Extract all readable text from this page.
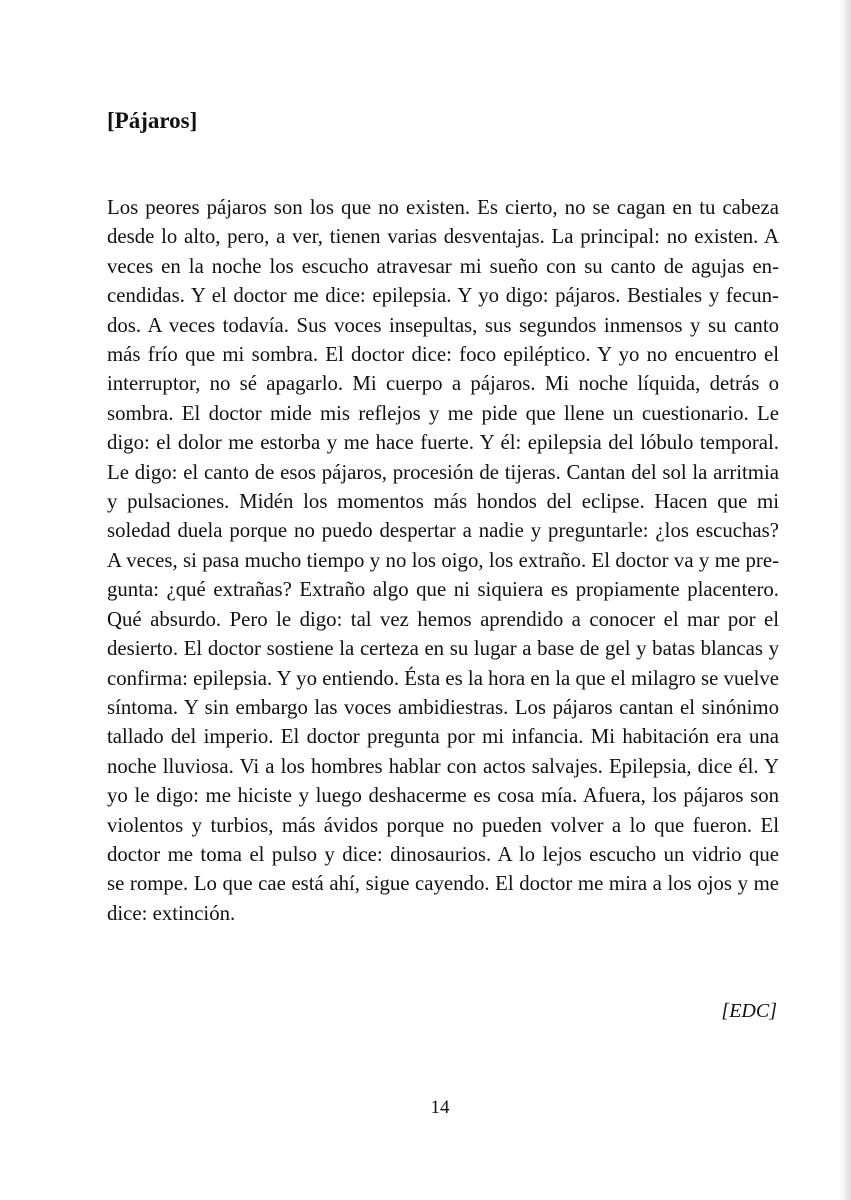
[Pájaros]
Los peores pájaros son los que no existen. Es cierto, no se cagan en tu cabeza
desde lo alto, pero, a ver, tienen varias desventajas. La principal: no existen. A
veces en la noche los escucho atravesar mi sueño con su canto de agujas en-
cendidas. Y el doctor me dice: epilepsia. Y yo digo: pájaros. Bestiales y fecun-
dos. A veces todavía. Sus voces insepultas, sus segundos inmensos y su canto
más frío que mi sombra. El doctor dice: foco epiléptico. Y yo no encuentro el
interruptor, no sé apagarlo. Mi cuerpo a pájaros. Mi noche líquida, detrás o
sombra. El doctor mide mis reflejos y me pide que llene un cuestionario. Le
digo: el dolor me estorba y me hace fuerte. Y él: epilepsia del lóbulo temporal.
Le digo: el canto de esos pájaros, procesión de tijeras. Cantan del sol la arritmia
y pulsaciones. Midén los momentos más hondos del eclipse. Hacen que mi
soledad duela porque no puedo despertar a nadie y preguntarle: ¿los escuchas?
A veces, si pasa mucho tiempo y no los oigo, los extraño. El doctor va y me pre-
gunta: ¿qué extrañas? Extraño algo que ni siquiera es propiamente placentero.
Qué absurdo. Pero le digo: tal vez hemos aprendido a conocer el mar por el
desierto. El doctor sostiene la certeza en su lugar a base de gel y batas blancas y
confirma: epilepsia. Y yo entiendo. Ésta es la hora en la que el milagro se vuelve
síntoma. Y sin embargo las voces ambidiestras. Los pájaros cantan el sinónimo
tallado del imperio. El doctor pregunta por mi infancia. Mi habitación era una
noche lluviosa. Vi a los hombres hablar con actos salvajes. Epilepsia, dice él. Y
yo le digo: me hiciste y luego deshacerme es cosa mía. Afuera, los pájaros son
violentos y turbios, más ávidos porque no pueden volver a lo que fueron. El
doctor me toma el pulso y dice: dinosaurios. A lo lejos escucho un vidrio que
se rompe. Lo que cae está ahí, sigue cayendo. El doctor me mira a los ojos y me
dice: extinción.

[EDC]

14
